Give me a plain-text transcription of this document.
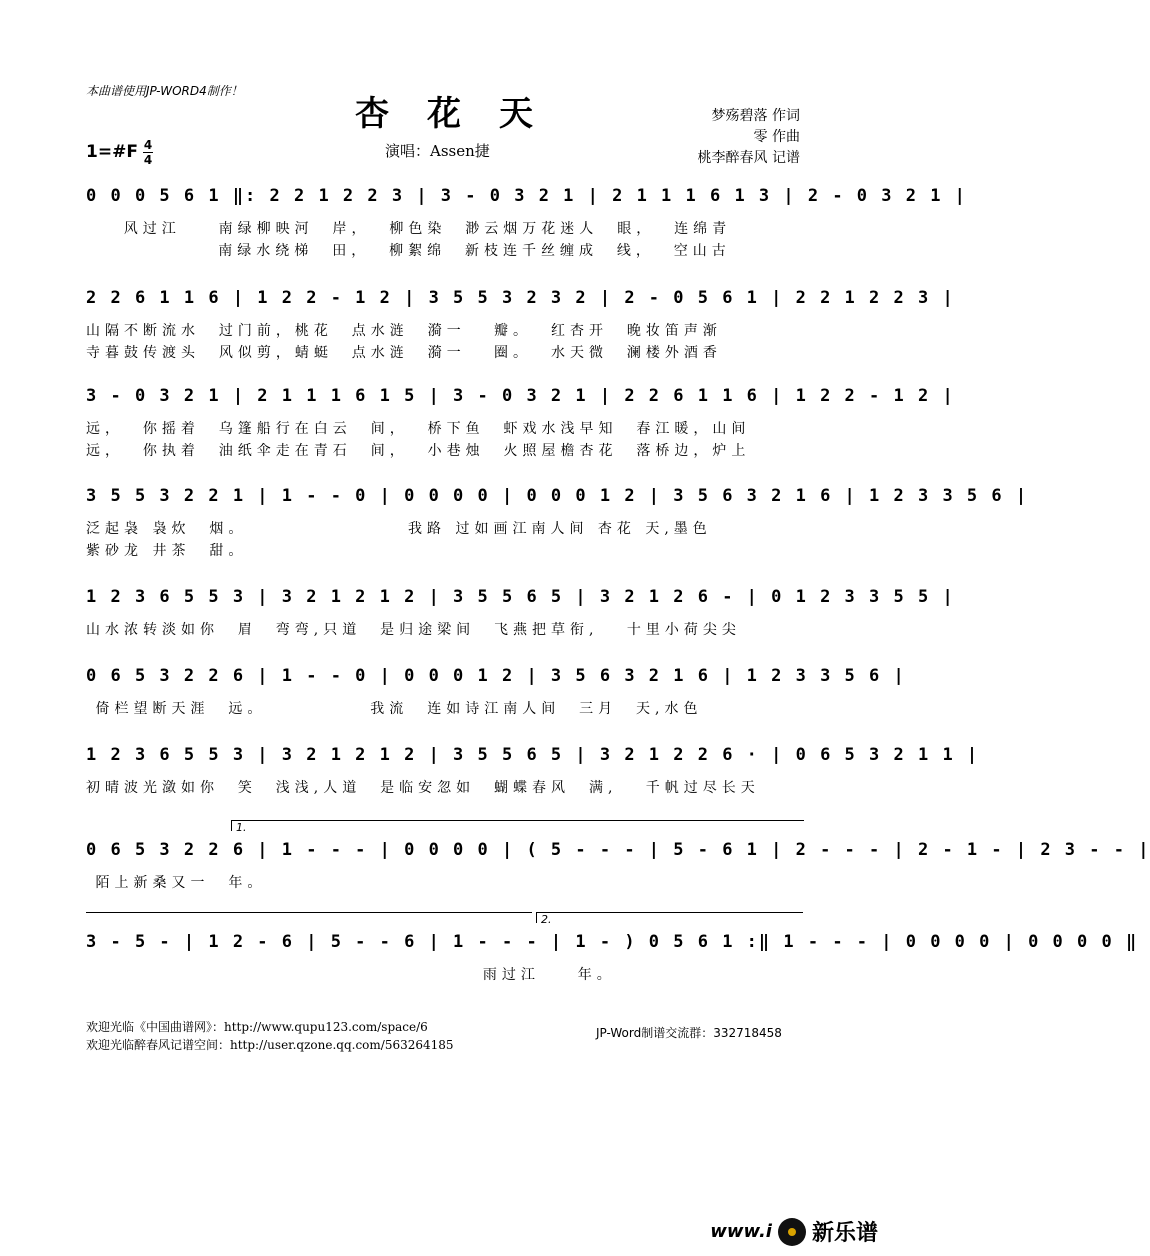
本曲谱使用JP-WORD4制作！
杏花天	梦殇碧落 作词
零 作曲
桃李醉春风 记谱
1=#F 4
4	演唱：Assen捷
0 0 0 5 6 1 ‖: 2 2 1 2 2 3 | 3 - 0 3 2 1 | 2 1 1 1 6 1 3 | 2 - 0 3 2 1 |
风过江    南绿柳映河  岸，  柳色染  渺云烟万花迷人  眼，  连绵青
南绿水绕梯  田，  柳絮绵  新枝连千丝缠成  线，  空山古
2 2 6 1 1 6 | 1 2 2 - 1 2 | 3 5 5 3 2 3 2 | 2 - 0 5 6 1 | 2 2 1 2 2 3 |
山隔不断流水  过门前，桃花  点水涟  漪一   瓣。  红杏开  晚妆笛声渐
寺暮鼓传渡头  风似剪，蜻蜓  点水涟  漪一   圈。  水天微  澜楼外酒香
3 - 0 3 2 1 | 2 1 1 1 6 1 5 | 3 - 0 3 2 1 | 2 2 6 1 1 6 | 1 2 2 - 1 2 |
远，  你摇着  乌篷船行在白云  间，  桥下鱼  虾戏水浅早知  春江暖，山间
远，  你执着  油纸伞走在青石  间，  小巷烛  火照屋檐杏花  落桥边，炉上
3 5 5 3 2 2 1 | 1 - - 0 | 0 0 0 0 | 0 0 0 1 2 | 3 5 6 3 2 1 6 | 1 2 3 3 5 6 |
泛起袅 袅炊  烟。                 我路 过如画江南人间 杏花 天,墨色
紫砂龙 井茶  甜。
1 2 3 6 5 5 3 | 3 2 1 2 1 2 | 3 5 5 6 5 | 3 2 1 2 6 - | 0 1 2 3 3 5 5 |
山水浓转淡如你  眉  弯弯,只道  是归途梁间  飞燕把草衔,   十里小荷尖尖
0 6 5 3 2 2 6 | 1 - - 0 | 0 0 0 1 2 | 3 5 6 3 2 1 6 | 1 2 3 3 5 6 |
倚栏望断天涯  远。           我流  连如诗江南人间  三月  天,水色
1 2 3 6 5 5 3 | 3 2 1 2 1 2 | 3 5 5 6 5 | 3 2 1 2 2 6 · | 0 6 5 3 2 1 1 |
初晴波光潋如你  笑  浅浅,人道  是临安忽如  蝴蝶春风  满,   千帆过尽长天
1.
0 6 5 3 2 2 6 | 1 - - - | 0 0 0 0 | ( 5 - - - | 5 - 6 1 | 2 - - - | 2 - 1 - | 2 3 - - |
陌上新桑又一  年。
2.
3 - 5 - | 1 2 - 6 | 5 - - 6 | 1 - - - | 1 - ) 0 5 6 1 :‖ 1 - - - | 0 0 0 0 | 0 0 0 0 ‖
雨过江    年。
欢迎光临《中国曲谱网》：http://www.qupu123.com/space/6
欢迎光临醉春风记谱空间：http://user.qzone.qq.com/563264185
JP-Word制谱交流群：332718458
www.i 新乐谱
